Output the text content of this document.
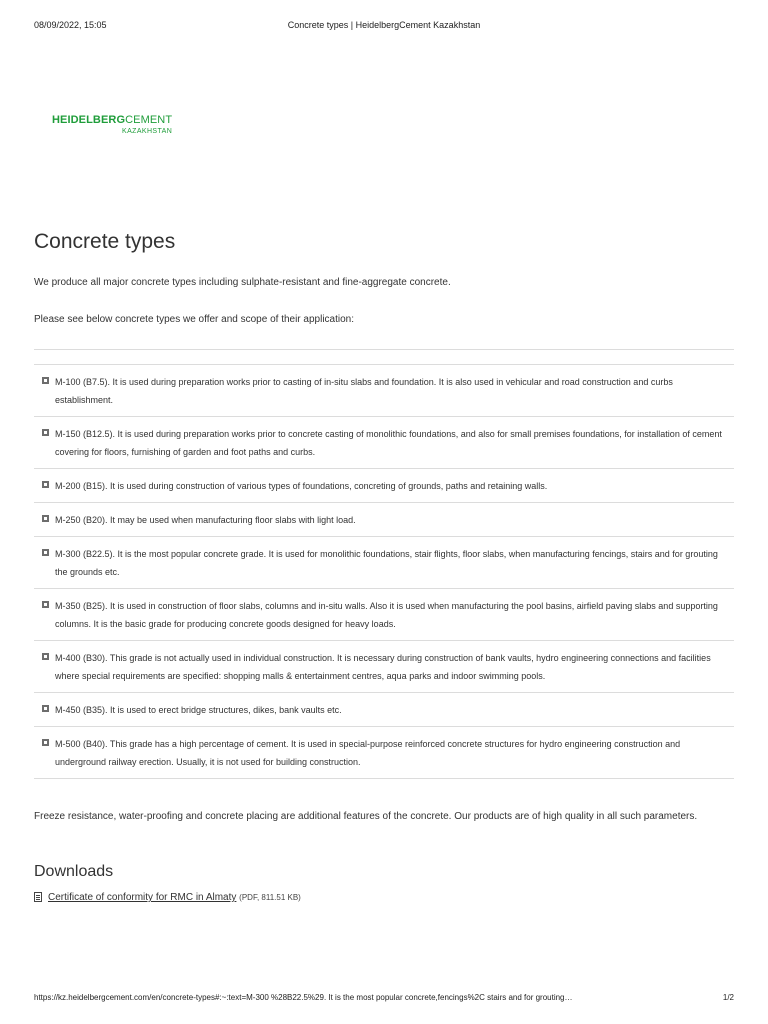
08/09/2022, 15:05	Concrete types | HeidelbergCement Kazakhstan
HEIDELBERGCEMENT
KAZAKHSTAN
Concrete types

We produce all major concrete types including sulphate-resistant and fine-aggregate concrete.

Please see below concrete types we offer and scope of their application:

M-100 (B7.5). It is used during preparation works prior to casting of in-situ slabs and foundation. It is also used in vehicular and road construction and curbs establishment.
M-150 (B12.5). It is used during preparation works prior to concrete casting of monolithic foundations, and also for small premises foundations, for installation of cement covering for floors, furnishing of garden and foot paths and curbs.
M-200 (B15). It is used during construction of various types of foundations, concreting of grounds, paths and retaining walls.
M-250 (B20). It may be used when manufacturing floor slabs with light load.
M-300 (B22.5). It is the most popular concrete grade. It is used for monolithic foundations, stair flights, floor slabs, when manufacturing fencings, stairs and for grouting the grounds etc.
M-350 (B25). It is used in construction of floor slabs, columns and in-situ walls. Also it is used when manufacturing the pool basins, airfield paving slabs and supporting columns. It is the basic grade for producing concrete goods designed for heavy loads.
M-400 (B30). This grade is not actually used in individual construction. It is necessary during construction of bank vaults, hydro engineering connections and facilities where special requirements are specified: shopping malls & entertainment centres, aqua parks and indoor swimming pools.
M-450 (B35). It is used to erect bridge structures, dikes, bank vaults etc.
M-500 (B40). This grade has a high percentage of cement. It is used in special-purpose reinforced concrete structures for hydro engineering construction and underground railway erection. Usually, it is not used for building construction.

Freeze resistance, water-proofing and concrete placing are additional features of the concrete. Our products are of high quality in all such parameters.

Downloads
Certificate of conformity for RMC in Almaty (PDF, 811.51 KB)
https://kz.heidelbergcement.com/en/concrete-types#:~:text=M-300 %28B22.5%29. It is the most popular concrete,fencings%2C stairs and for grouting…	1/2
